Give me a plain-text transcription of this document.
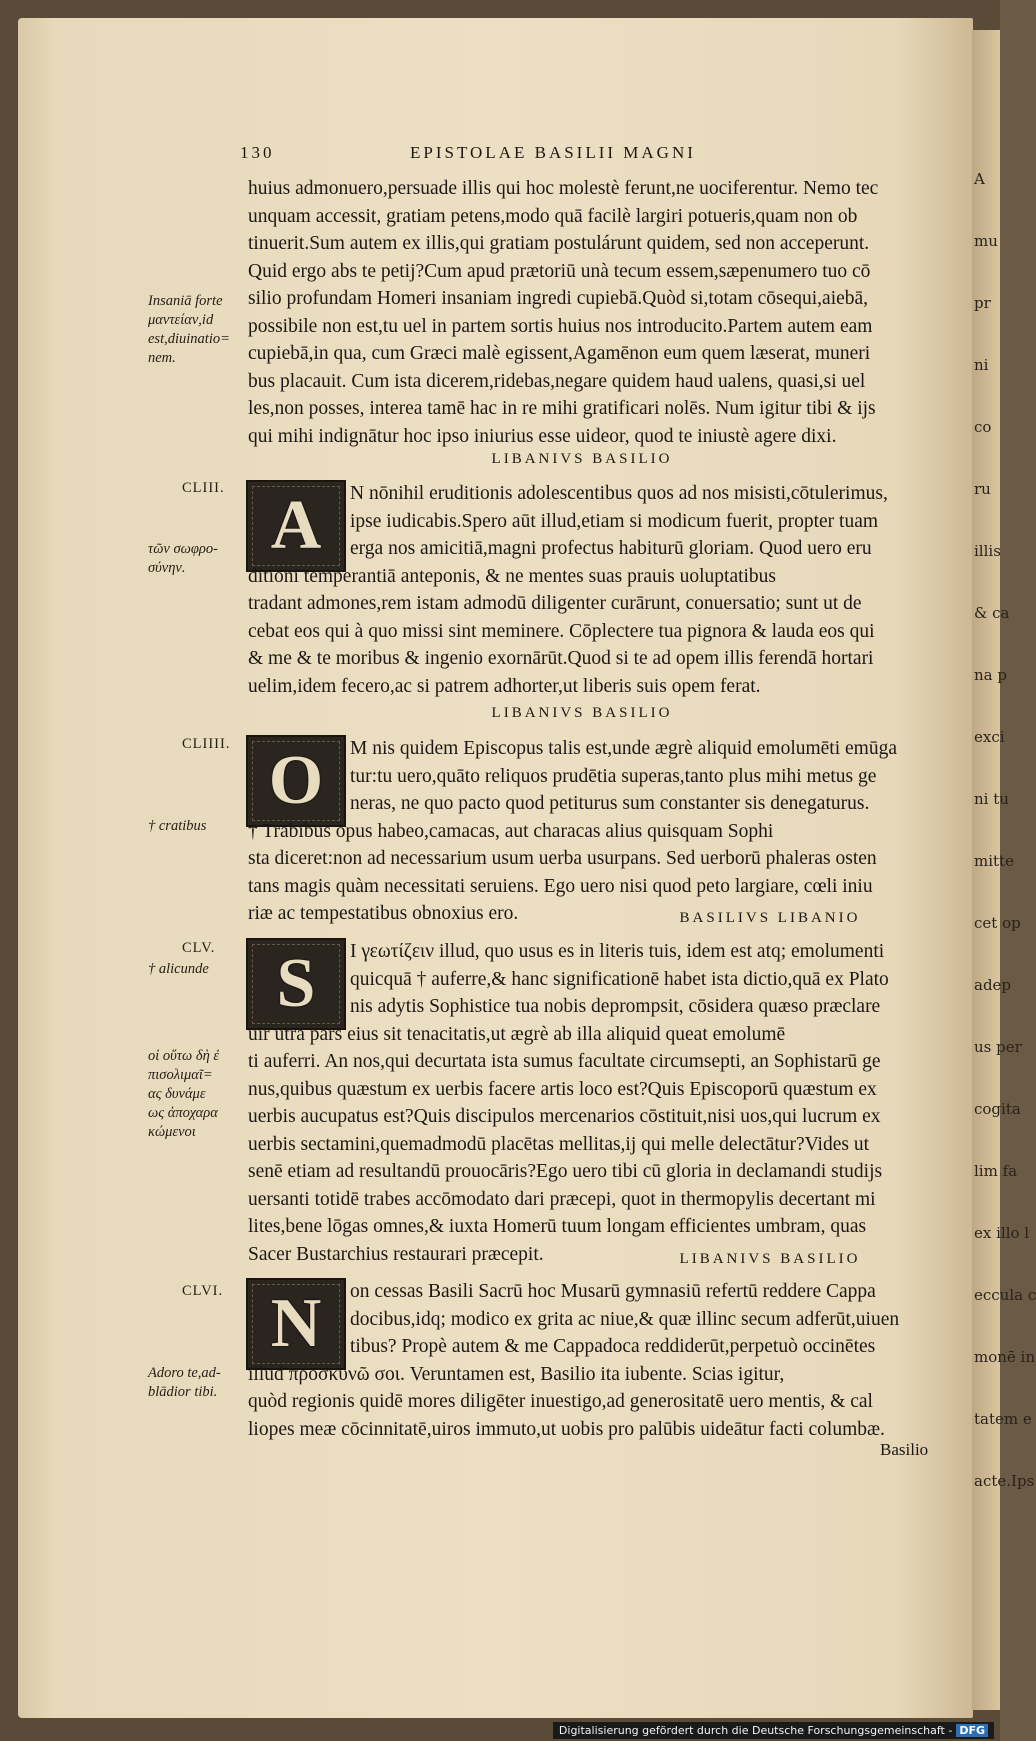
A
mu
pr
ni
co
ru
illis
& ca
na p
exci
ni tu
mitte
cet op
adep
us per
cogita
lim fa
ex illo l
eccula c
monē in
tatem e
acte.Ips
130	EPISTOLAE BASILII MAGNI
huius admonuero,persuade illis qui hoc molestè ferunt,ne uociferentur. Nemo tec
unquam accessit, gratiam petens,modo quā facilè largiri potueris,quam non ob
tinuerit.Sum autem ex illis,qui gratiam postulárunt quidem, sed non acceperunt.
Quid ergo abs te petij?Cum apud prætoriū unà tecum essem,sæpenumero tuo cō
silio profundam Homeri insaniam ingredi cupiebā.Quòd si,totam cōsequi,aiebā,
possibile non est,tu uel in partem sortis huius nos introducito.Partem autem eam
cupiebā,in qua, cum Græci malè egissent,Agamēnon eum quem læserat, muneri
bus placauit. Cum ista dicerem,ridebas,negare quidem haud ualens, quasi,si uel
les,non posses, interea tamē hac in re mihi gratificari nolēs. Num igitur tibi & ijs
qui mihi indignātur hoc ipso iniurius esse uideor, quod te iniustè agere dixi.
Insaniā forte
μαντείαν,id
est,diuinatio=
nem.
LIBANIVS BASILIO
CLIII. A	N nōnihil eruditionis adolescentibus quos ad nos misisti,cōtulerimus,
ipse iudicabis.Spero aūt illud,etiam si modicum fuerit, propter tuam
erga nos amicitiā,magni profectus habiturū gloriam. Quod uero eru
ditioni temperantiā anteponis, & ne mentes suas prauis uoluptatibus
tradant admones,rem istam admodū diligenter curārunt, conuersatio; sunt ut de
cebat eos qui à quo missi sint meminere. Cōplectere tua pignora & lauda eos qui
& me & te moribus & ingenio exornārūt.Quod si te ad opem illis ferendā hortari
uelim,idem fecero,ac si patrem adhorter,ut liberis suis opem ferat.
τῶν σωφρο-
σύνην.
LIBANIVS BASILIO
CLIIII. O	M nis quidem Episcopus talis est,unde ægrè aliquid emolumēti emūga
tur:tu uero,quāto reliquos prudētia superas,tanto plus mihi metus ge
neras, ne quo pacto quod petiturus sum constanter sis denegaturus.
† Trabibus opus habeo,camacas, aut characas alius quisquam Sophi
sta diceret:non ad necessarium usum uerba usurpans. Sed uerborū phaleras osten
tans magis quàm necessitati seruiens. Ego uero nisi quod peto largiare, cœli iniu
riæ ac tempestatibus obnoxius ero.
† cratibus
BASILIVS LIBANIO
CLV. S	I γεωτίζειν illud, quo usus es in literis tuis, idem est atq; emolumenti
quicquā † auferre,& hanc significationē habet ista dictio,quā ex Plato
nis adytis Sophistice tua nobis deprompsit, cōsidera quæso præclare
uir utra pars eius sit tenacitatis,ut ægrè ab illa aliquid queat emolumē
ti auferri. An nos,qui decurtata ista sumus facultate circumsepti, an Sophistarū ge
nus,quibus quæstum ex uerbis facere artis loco est?Quis Episcoporū quæstum ex
uerbis aucupatus est?Quis discipulos mercenarios cōstituit,nisi uos,qui lucrum ex
uerbis sectamini,quemadmodū placētas mellitas,ij qui melle delectātur?Vides ut
senē etiam ad resultandū prouocāris?Ego uero tibi cū gloria in declamandi studijs
uersanti totidē trabes accōmodato dari præcepi, quot in thermopylis decertant mi
lites,bene lōgas omnes,& iuxta Homerū tuum longam efficientes umbram, quas
Sacer Bustarchius restaurari præcepit.
† alicunde
οἱ οὕτω δὴ ἐ
πισολιμαῖ=
ας δυνάμε
ως ἀποχαρα
κώμενοι
LIBANIVS BASILIO
CLVI. N	on cessas Basili Sacrū hoc Musarū gymnasiū refertū reddere Cappa
docibus,idq; modico ex grita ac niue,& quæ illinc secum adferūt,uiuen
tibus? Propè autem & me Cappadoca reddiderūt,perpetuò occinētes
illud προσκυνῶ σοι. Veruntamen est, Basilio ita iubente. Scias igitur,
quòd regionis quidē mores diligēter inuestigo,ad generositatē uero mentis, & cal
liopes meæ cōcinnitatē,uiros immuto,ut uobis pro palūbis uideātur facti columbæ.
Adoro te,ad-
blādior tibi.
Basilio
Digitalisierung gefördert durch die Deutsche Forschungsgemeinschaft - DFG
